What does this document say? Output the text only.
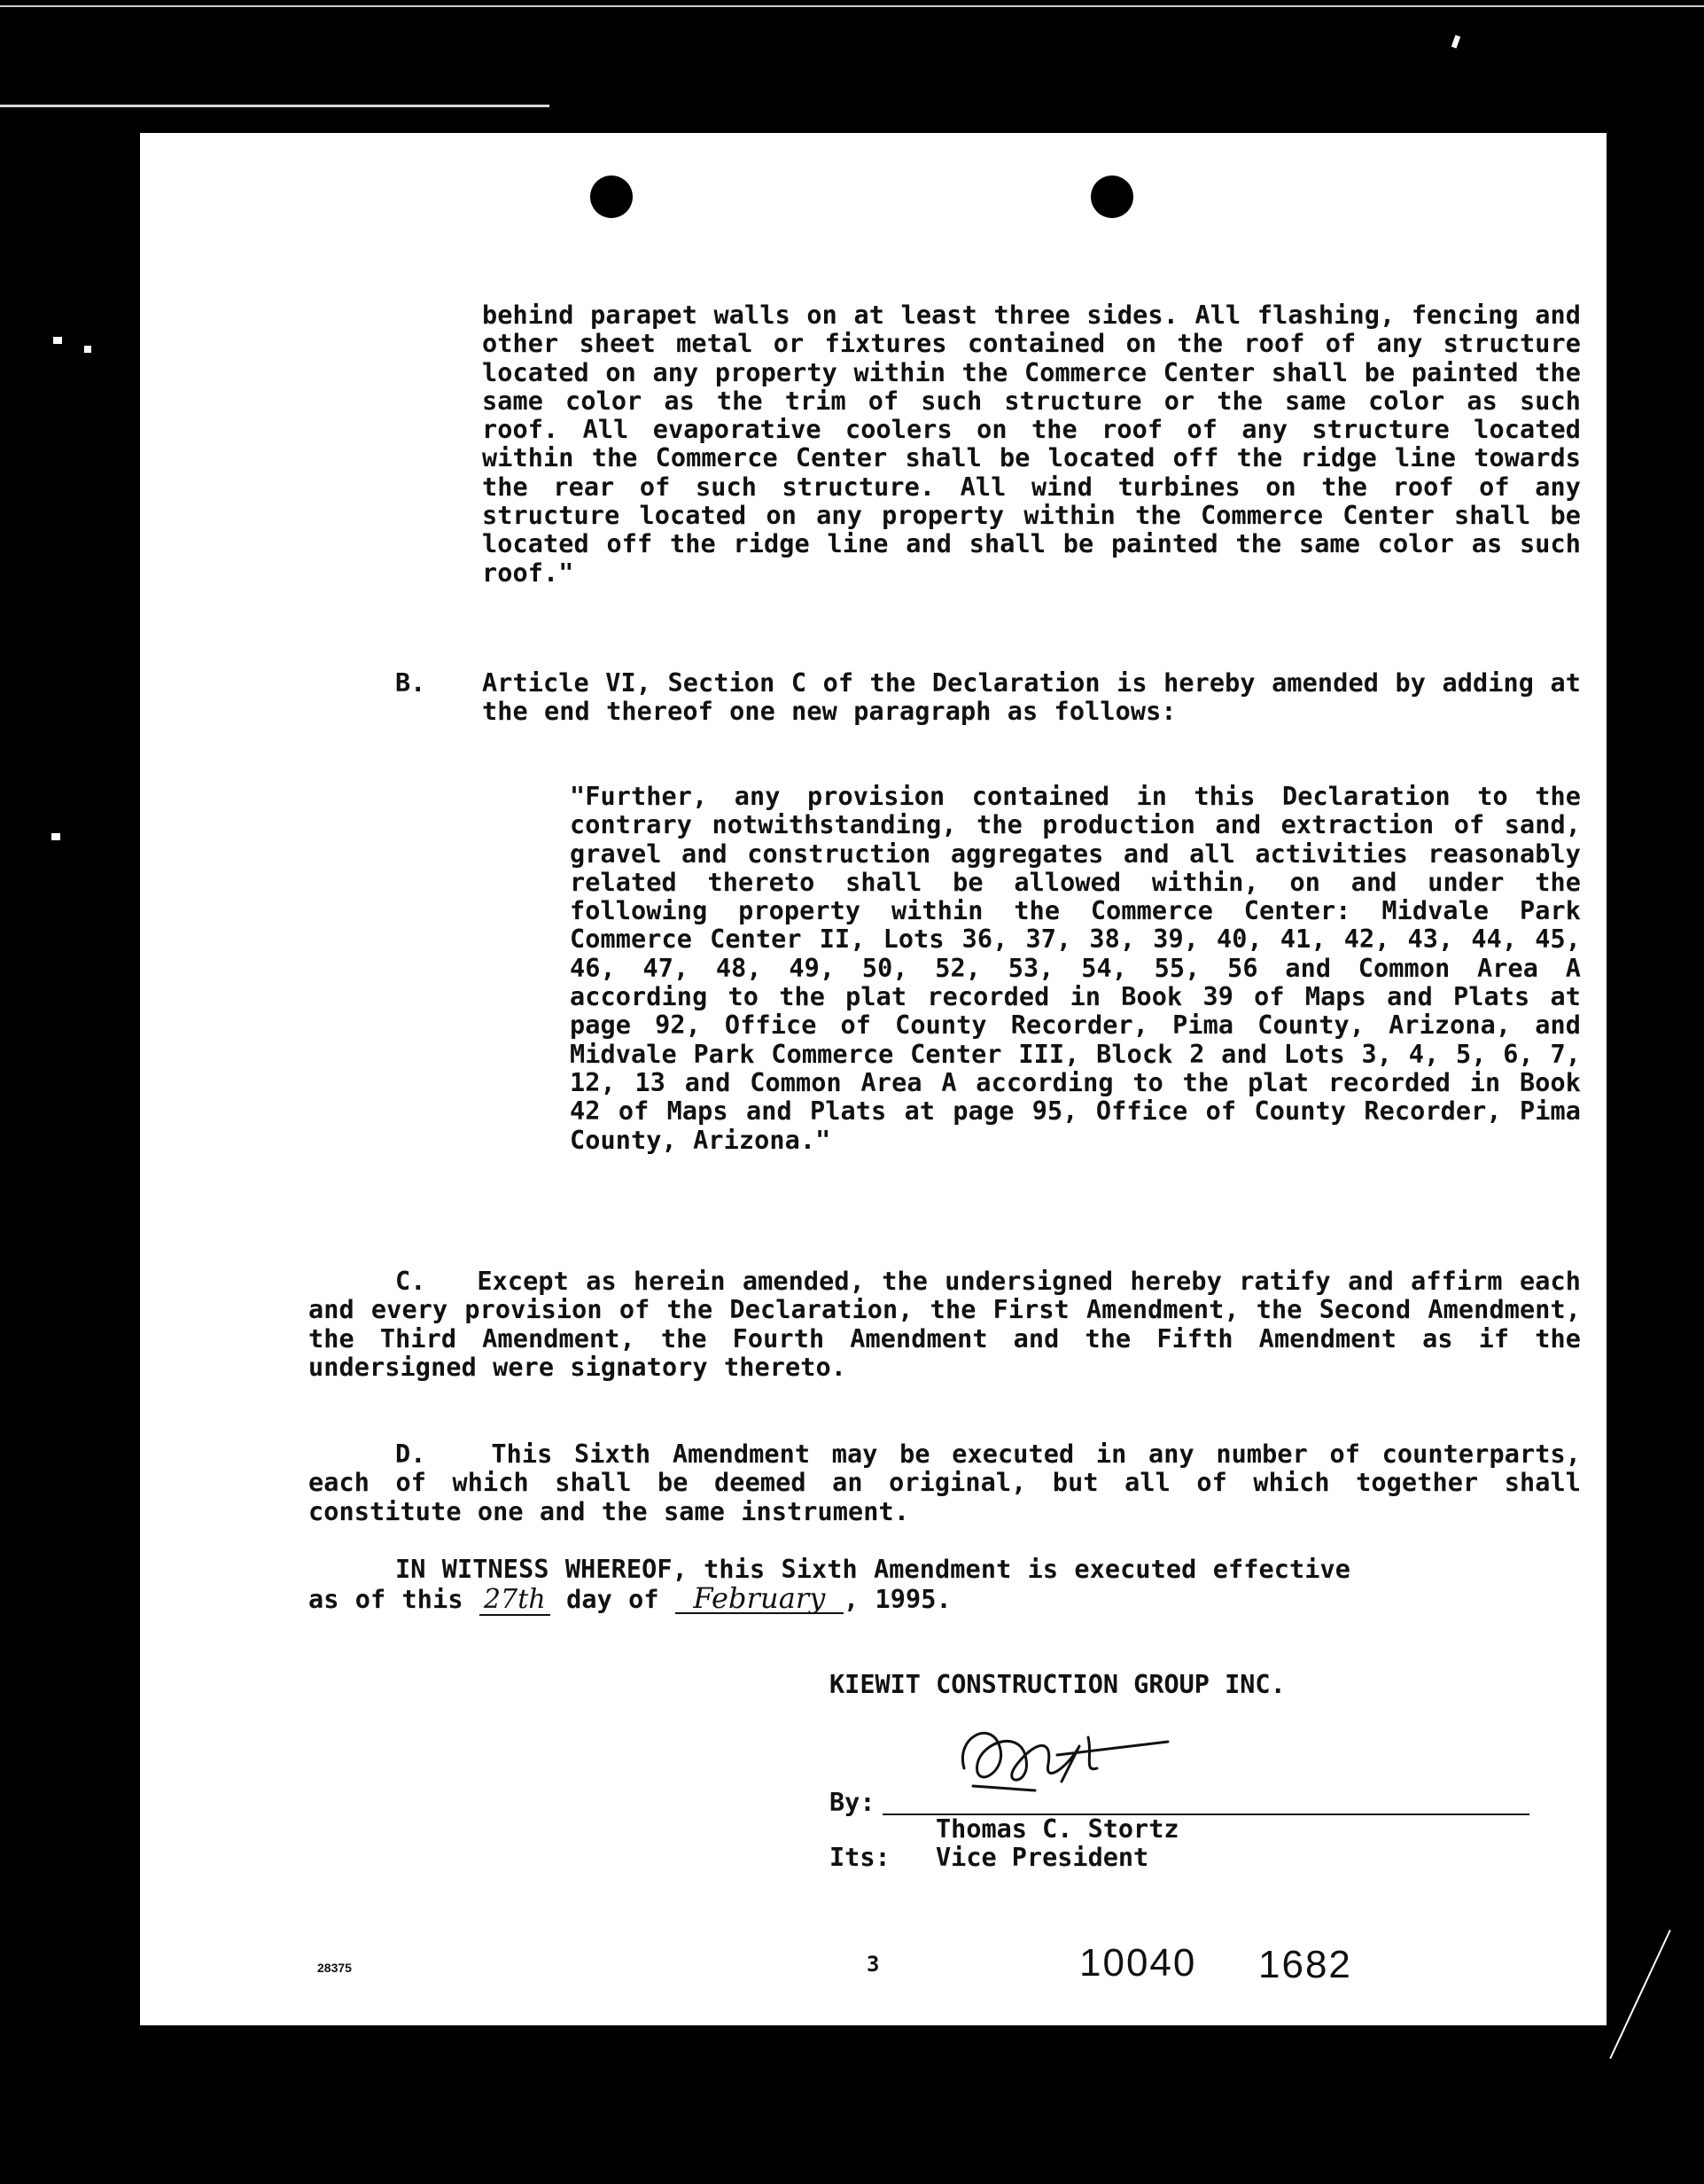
behind parapet walls on at least three sides. All flashing, fencing and other sheet metal or fixtures contained on the roof of any structure located on any property within the Commerce Center shall be painted the same color as the trim of such structure or the same color as such roof. All evaporative coolers on the roof of any structure located within the Commerce Center shall be located off the ridge line towards the rear of such structure. All wind turbines on the roof of any structure located on any property within the Commerce Center shall be located off the ridge line and shall be painted the same color as such roof."
B. Article VI, Section C of the Declaration is hereby amended by adding at the end thereof one new paragraph as follows:
"Further, any provision contained in this Declaration to the contrary notwithstanding, the production and extraction of sand, gravel and construction aggregates and all activities reasonably related thereto shall be allowed within, on and under the following property within the Commerce Center: Midvale Park Commerce Center II, Lots 36, 37, 38, 39, 40, 41, 42, 43, 44, 45, 46, 47, 48, 49, 50, 52, 53, 54, 55, 56 and Common Area A according to the plat recorded in Book 39 of Maps and Plats at page 92, Office of County Recorder, Pima County, Arizona, and Midvale Park Commerce Center III, Block 2 and Lots 3, 4, 5, 6, 7, 12, 13 and Common Area A according to the plat recorded in Book 42 of Maps and Plats at page 95, Office of County Recorder, Pima County, Arizona."
C. Except as herein amended, the undersigned hereby ratify and affirm each and every provision of the Declaration, the First Amendment, the Second Amendment, the Third Amendment, the Fourth Amendment and the Fifth Amendment as if the undersigned were signatory thereto.
D.	This Sixth Amendment may be executed in any number of counterparts, each of which shall be deemed an original, but all of which together shall constitute one and the same instrument.
IN WITNESS WHEREOF, this Sixth Amendment is executed effective
as of this 27th day of February , 1995.
KIEWIT CONSTRUCTION GROUP INC.
By:
Thomas C. Stortz
Its: Vice President
28375	3	10040 1682
